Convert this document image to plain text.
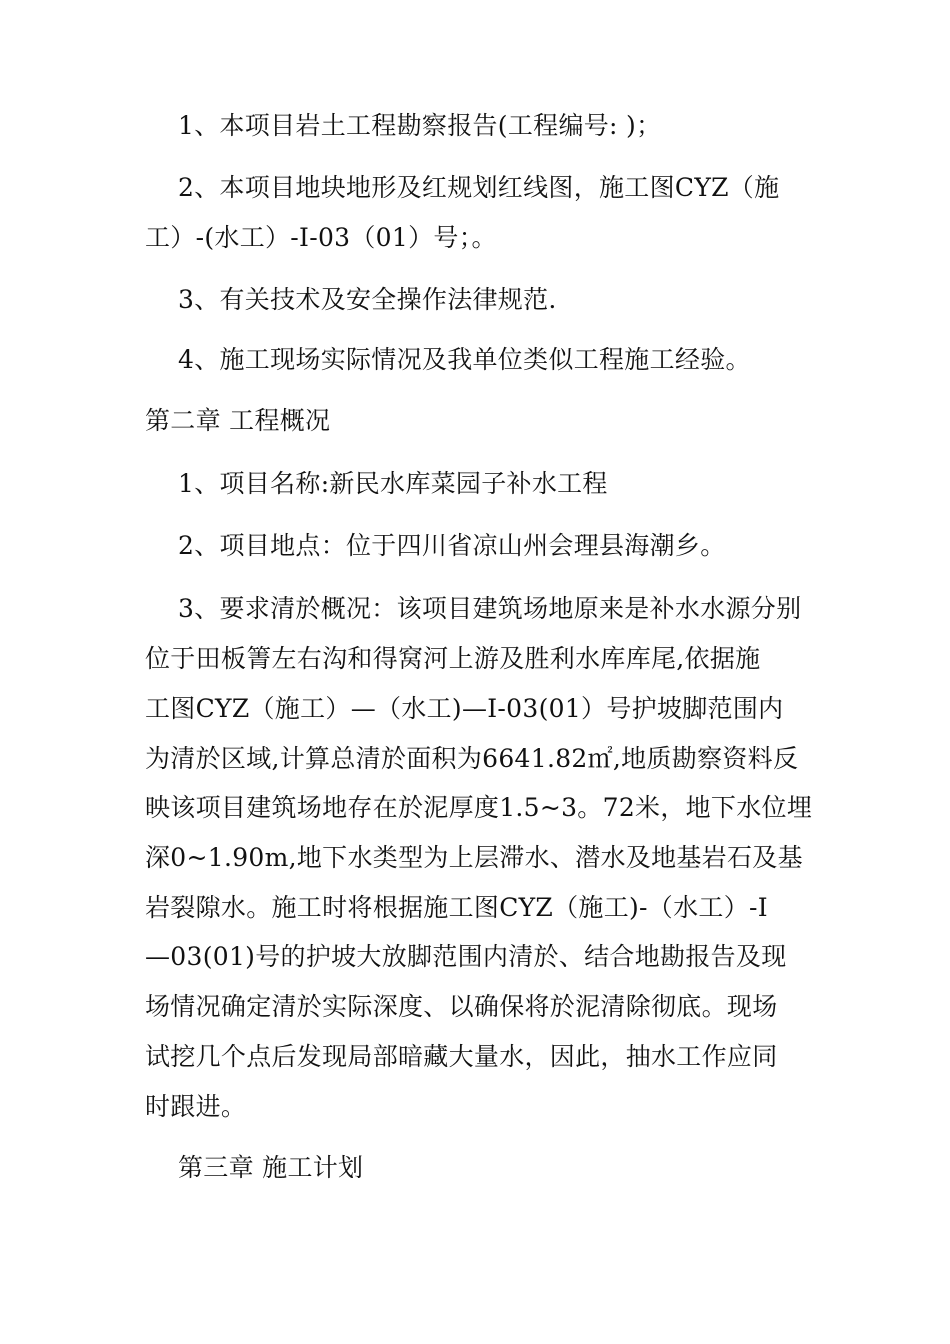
1、本项目岩土工程勘察报告(工程编号: )；
2、本项目地块地形及红规划红线图，施工图CYZ（施
工）-(水工）-Ⅰ-03（01）号；。
3、有关技术及安全操作法律规范.
4、施工现场实际情况及我单位类似工程施工经验。
第二章 工程概况
1、项目名称:新民水库菜园子补水工程
2、项目地点：位于四川省凉山州会理县海潮乡。
3、要求清於概况：该项目建筑场地原来是补水水源分别
位于田板箐左右沟和得窝河上游及胜利水库库尾,依据施
工图CYZ（施工）—（水工)—Ⅰ-03(01）号护坡脚范围内
为清於区域,计算总清於面积为6641.82㎡,地质勘察资料反
映该项目建筑场地存在於泥厚度1.5~3。72米，地下水位埋
深0~1.90m,地下水类型为上层滞水、潜水及地基岩石及基
岩裂隙水。施工时将根据施工图CYZ（施工)-（水工）-Ⅰ
—03(01)号的护坡大放脚范围内清於、结合地勘报告及现
场情况确定清於实际深度、以确保将於泥清除彻底。现场
试挖几个点后发现局部暗藏大量水，因此，抽水工作应同
时跟进。
第三章 施工计划
